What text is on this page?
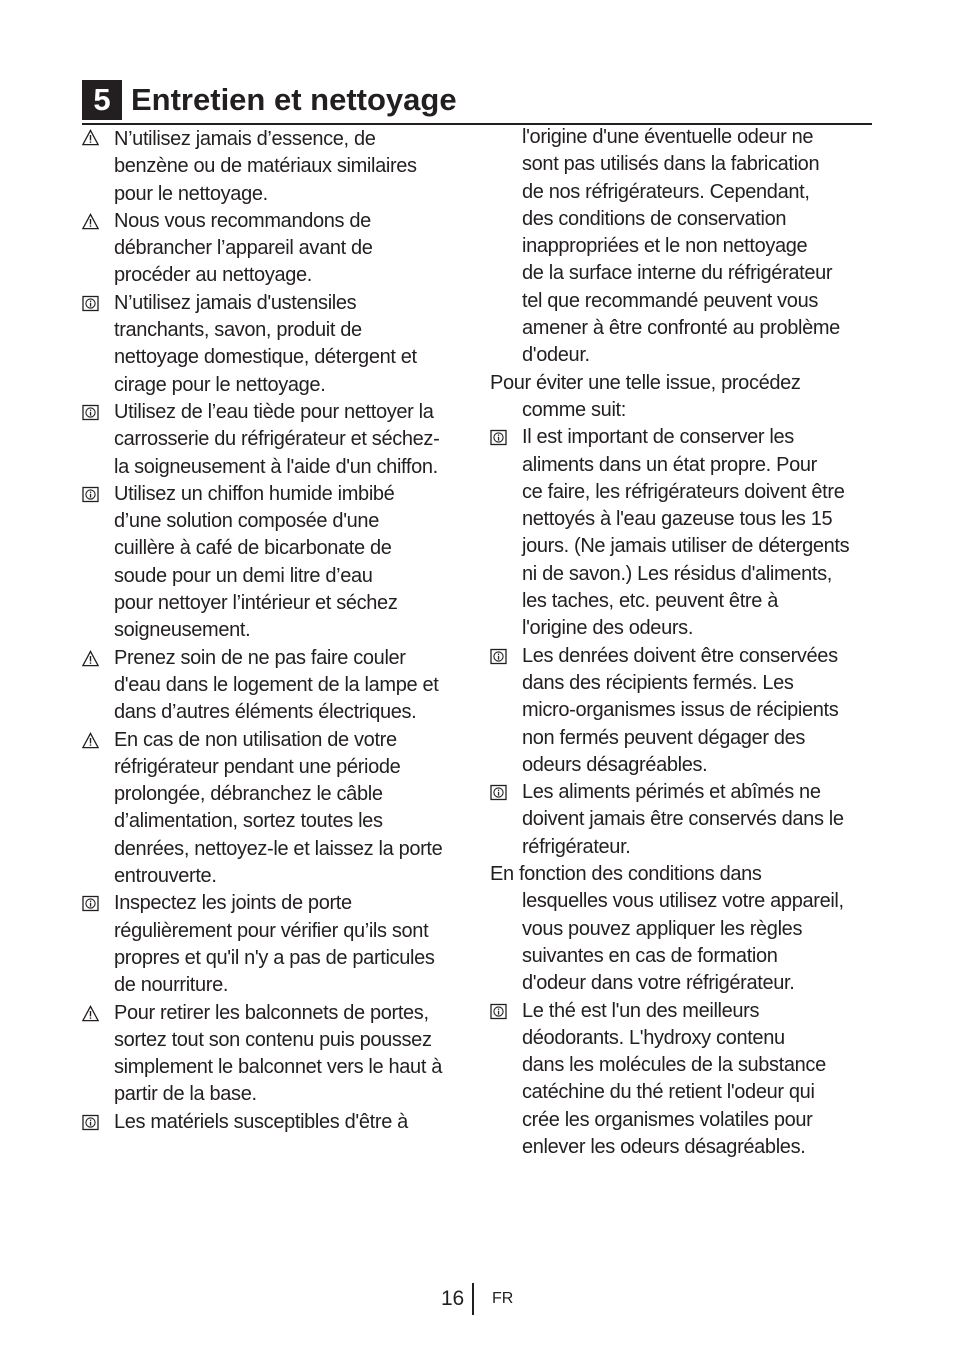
5 Entretien et nettoyage

N’utilisez jamais d’essence, de
benzène ou de matériaux similaires
pour le nettoyage.

Nous vous recommandons de
débrancher l’appareil avant de
procéder au nettoyage.

N’utilisez jamais d'ustensiles
tranchants, savon, produit de
nettoyage domestique, détergent et
cirage pour le nettoyage.

Utilisez de l’eau tiède pour nettoyer la
carrosserie du réfrigérateur et séchez-
la soigneusement à l'aide d'un chiffon.

Utilisez un chiffon humide imbibé
d’une solution composée d'une
cuillère à café de bicarbonate de
soude pour un demi litre d’eau
pour nettoyer l’intérieur et séchez
soigneusement.

Prenez soin de ne pas faire couler
d'eau dans le logement de la lampe et
dans d’autres éléments électriques.

En cas de non utilisation de votre
réfrigérateur pendant une période
prolongée, débranchez le câble
d’alimentation, sortez toutes les
denrées, nettoyez-le et laissez la porte
entrouverte.

Inspectez les joints de porte
régulièrement pour vérifier qu’ils sont
propres et qu'il n'y a pas de particules
de nourriture.

Pour retirer les balconnets de portes,
sortez tout son contenu puis poussez
simplement le balconnet vers le haut à
partir de la base.

Les matériels susceptibles d'être à

l'origine d'une éventuelle odeur ne
sont pas utilisés dans la fabrication
de nos réfrigérateurs. Cependant,
des conditions de conservation
inappropriées et le non nettoyage
de la surface interne du réfrigérateur
tel que recommandé peuvent vous
amener à être confronté au problème
d'odeur.

Pour éviter une telle issue, procédez
comme suit:

Il est important de conserver les
aliments dans un état propre. Pour
ce faire, les réfrigérateurs doivent être
nettoyés à l'eau gazeuse tous les 15
jours. (Ne jamais utiliser de détergents
ni de savon.) Les résidus d'aliments,
les taches, etc. peuvent être à
l'origine des odeurs.

Les denrées doivent être conservées
dans des récipients fermés. Les
micro-organismes issus de récipients
non fermés peuvent dégager des
odeurs désagréables.

Les aliments périmés et abîmés ne
doivent jamais être conservés dans le
réfrigérateur.

En fonction des conditions dans
lesquelles vous utilisez votre appareil,
vous pouvez appliquer les règles
suivantes en cas de formation
d'odeur dans votre réfrigérateur.

Le thé est l'un des meilleurs
déodorants. L'hydroxy contenu
dans les molécules de la substance
catéchine du thé retient l'odeur qui
crée les organismes volatiles pour
enlever les odeurs désagréables.

16 FR
